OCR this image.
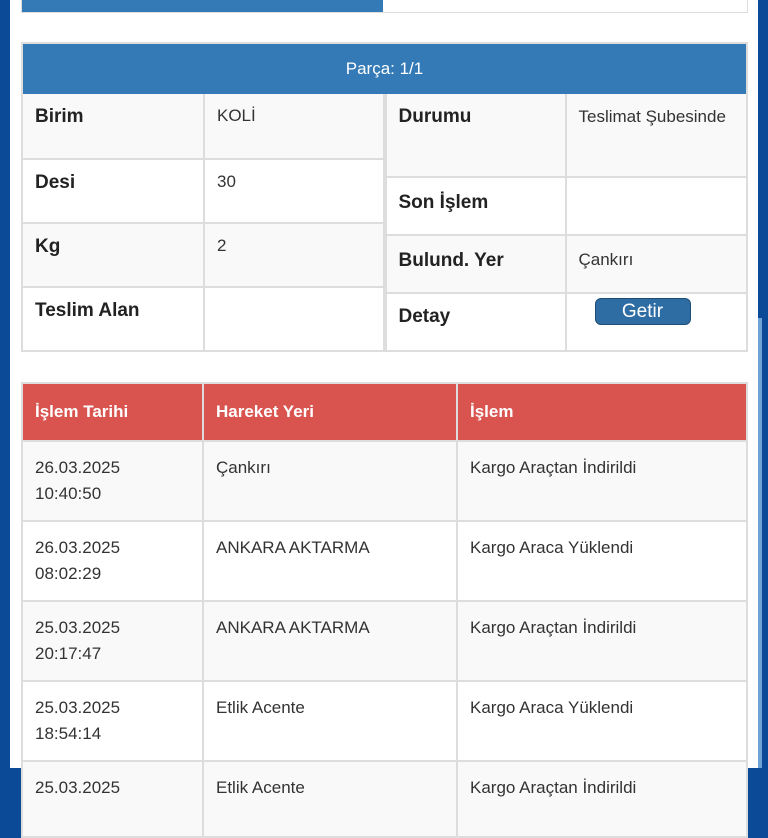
Parça: 1/1
Birim	KOLİ
Desi	30
Kg	2
Teslim Alan
Durumu	Teslimat Şubesinde
Son İşlem
Bulund. Yer	Çankırı
Detay	Getir
İşlem Tarihi	Hareket Yeri	İşlem

26.03.2025
10:40:50	Çankırı	Kargo Araçtan İndirildi

26.03.2025
08:02:29	ANKARA AKTARMA	Kargo Araca Yüklendi

25.03.2025
20:17:47	ANKARA AKTARMA	Kargo Araçtan İndirildi

25.03.2025
18:54:14	Etlik Acente	Kargo Araca Yüklendi

25.03.2025	Etlik Acente	Kargo Araçtan İndirildi
